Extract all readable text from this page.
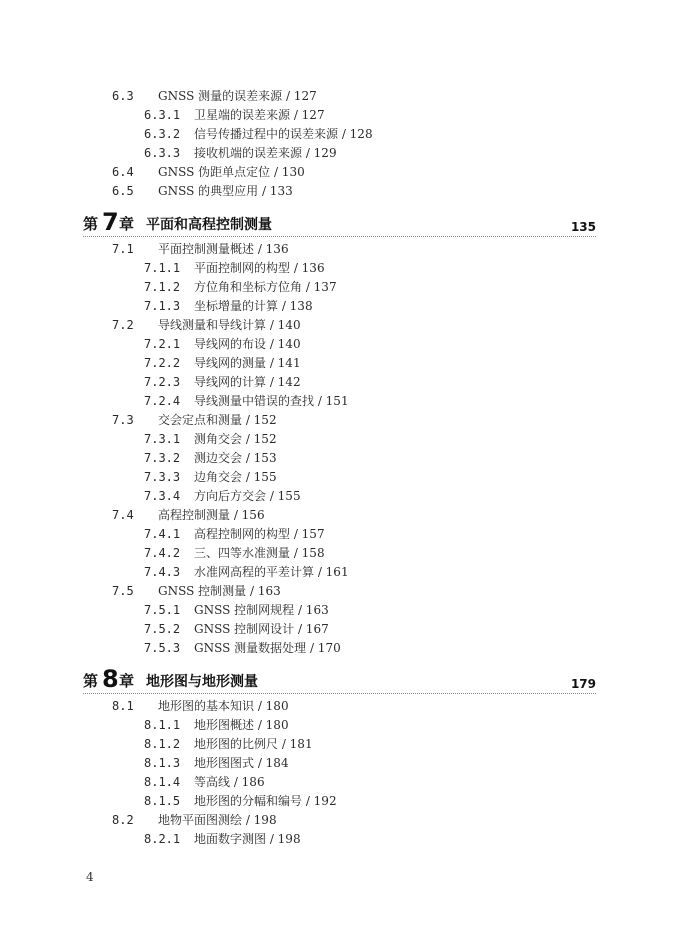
6.3 GNSS 测量的误差来源 / 127
6.3.1 卫星端的误差来源 / 127
6.3.2 信号传播过程中的误差来源 / 128
6.3.3 接收机端的误差来源 / 129
6.4 GNSS 伪距单点定位 / 130
6.5 GNSS 的典型应用 / 133
第 7 章 平面和高程控制测量	135
7.1 平面控制测量概述 / 136
7.1.1 平面控制网的构型 / 136
7.1.2 方位角和坐标方位角 / 137
7.1.3 坐标增量的计算 / 138
7.2 导线测量和导线计算 / 140
7.2.1 导线网的布设 / 140
7.2.2 导线网的测量 / 141
7.2.3 导线网的计算 / 142
7.2.4 导线测量中错误的查找 / 151
7.3 交会定点和测量 / 152
7.3.1 测角交会 / 152
7.3.2 测边交会 / 153
7.3.3 边角交会 / 155
7.3.4 方向后方交会 / 155
7.4 高程控制测量 / 156
7.4.1 高程控制网的构型 / 157
7.4.2 三、四等水准测量 / 158
7.4.3 水准网高程的平差计算 / 161
7.5 GNSS 控制测量 / 163
7.5.1 GNSS 控制网规程 / 163
7.5.2 GNSS 控制网设计 / 167
7.5.3 GNSS 测量数据处理 / 170
第 8 章 地形图与地形测量	179
8.1 地形图的基本知识 / 180
8.1.1 地形图概述 / 180
8.1.2 地形图的比例尺 / 181
8.1.3 地形图图式 / 184
8.1.4 等高线 / 186
8.1.5 地形图的分幅和编号 / 192
8.2 地物平面图测绘 / 198
8.2.1 地面数字测图 / 198
4
